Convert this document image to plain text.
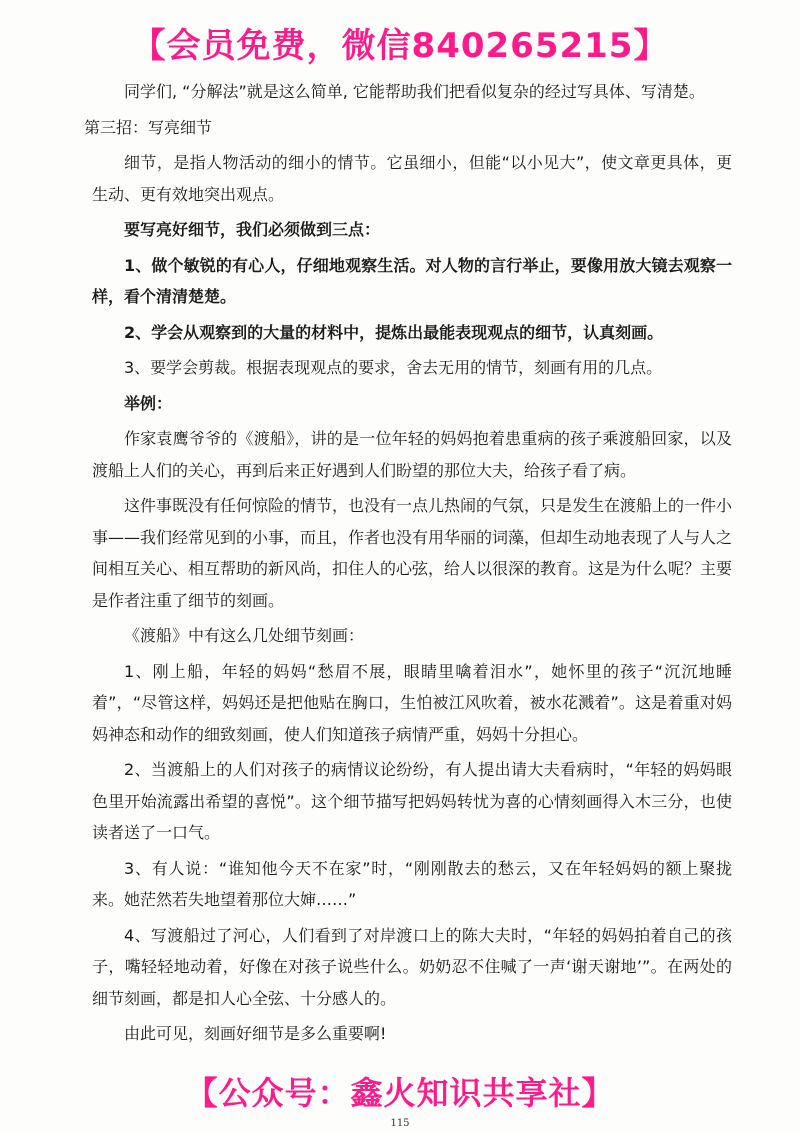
【会员免费，微信840265215】

同学们, “分解法”就是这么简单, 它能帮助我们把看似复杂的经过写具体、写清楚。

第三招：写亮细节

细节，是指人物活动的细小的情节。它虽细小，但能“以小见大”，使文章更具体，更生动、更有效地突出观点。

要写亮好细节，我们必须做到三点：

1、做个敏锐的有心人，仔细地观察生活。对人物的言行举止，要像用放大镜去观察一样，看个清清楚楚。

2、学会从观察到的大量的材料中，提炼出最能表现观点的细节，认真刻画。

3、要学会剪裁。根据表现观点的要求，舍去无用的情节，刻画有用的几点。

举例：

作家袁鹰爷爷的《渡船》，讲的是一位年轻的妈妈抱着患重病的孩子乘渡船回家，以及渡船上人们的关心，再到后来正好遇到人们盼望的那位大夫，给孩子看了病。

这件事既没有任何惊险的情节，也没有一点儿热闹的气氛，只是发生在渡船上的一件小事——我们经常见到的小事，而且，作者也没有用华丽的词藻，但却生动地表现了人与人之间相互关心、相互帮助的新风尚，扣住人的心弦，给人以很深的教育。这是为什么呢？主要是作者注重了细节的刻画。

《渡船》中有这么几处细节刻画：

1、刚上船，年轻的妈妈“愁眉不展，眼睛里噙着泪水”，她怀里的孩子“沉沉地睡着”，“尽管这样，妈妈还是把他贴在胸口，生怕被江风吹着，被水花溅着”。这是着重对妈妈神态和动作的细致刻画，使人们知道孩子病情严重，妈妈十分担心。

2、当渡船上的人们对孩子的病情议论纷纷，有人提出请大夫看病时，“年轻的妈妈眼色里开始流露出希望的喜悦”。这个细节描写把妈妈转忧为喜的心情刻画得入木三分，也使读者送了一口气。

3、有人说：“谁知他今天不在家”时，“刚刚散去的愁云，又在年轻妈妈的额上聚拢来。她茫然若失地望着那位大婶……”

4、写渡船过了河心，人们看到了对岸渡口上的陈大夫时，“年轻的妈妈拍着自己的孩子，嘴轻轻地动着，好像在对孩子说些什么。奶奶忍不住喊了一声‘谢天谢地’”。在两处的细节刻画，都是扣人心全弦、十分感人的。

由此可见，刻画好细节是多么重要啊!

【公众号：鑫火知识共享社】
115
